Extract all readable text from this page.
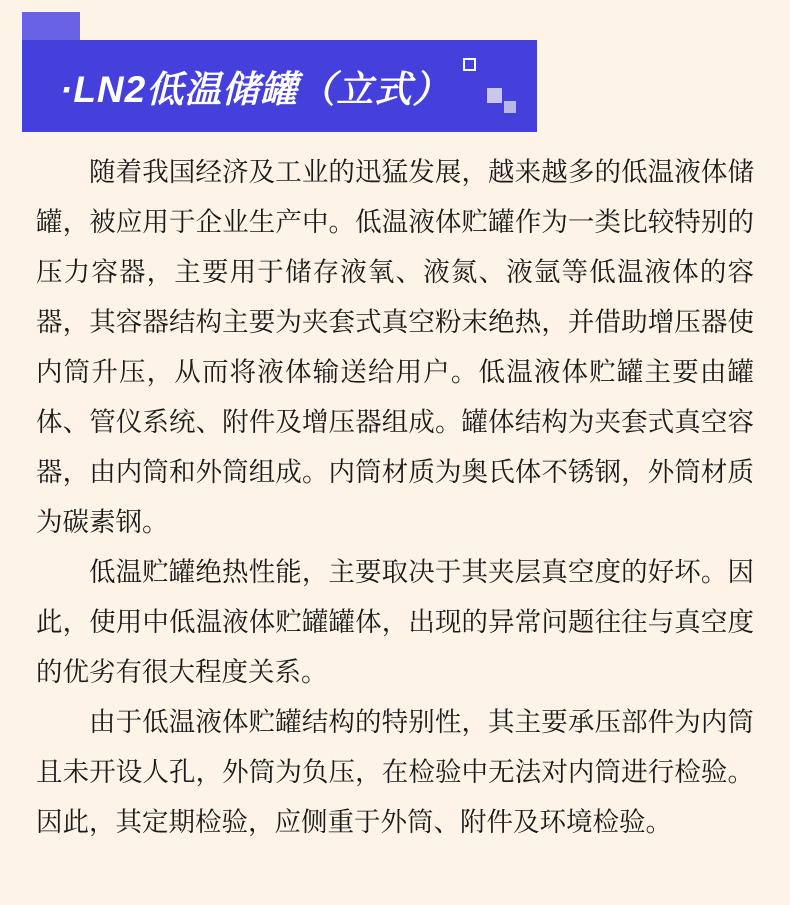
·LN2低温储罐（立式）

随着我国经济及工业的迅猛发展，越来越多的低温液体储罐，被应用于企业生产中。低温液体贮罐作为一类比较特别的压力容器，主要用于储存液氧、液氮、液氩等低温液体的容器，其容器结构主要为夹套式真空粉末绝热，并借助增压器使内筒升压，从而将液体输送给用户。低温液体贮罐主要由罐体、管仪系统、附件及增压器组成。罐体结构为夹套式真空容器，由内筒和外筒组成。内筒材质为奥氏体不锈钢，外筒材质为碳素钢。

低温贮罐绝热性能，主要取决于其夹层真空度的好坏。因此，使用中低温液体贮罐罐体，出现的异常问题往往与真空度的优劣有很大程度关系。

由于低温液体贮罐结构的特别性，其主要承压部件为内筒且未开设人孔，外筒为负压，在检验中无法对内筒进行检验。因此，其定期检验，应侧重于外筒、附件及环境检验。
